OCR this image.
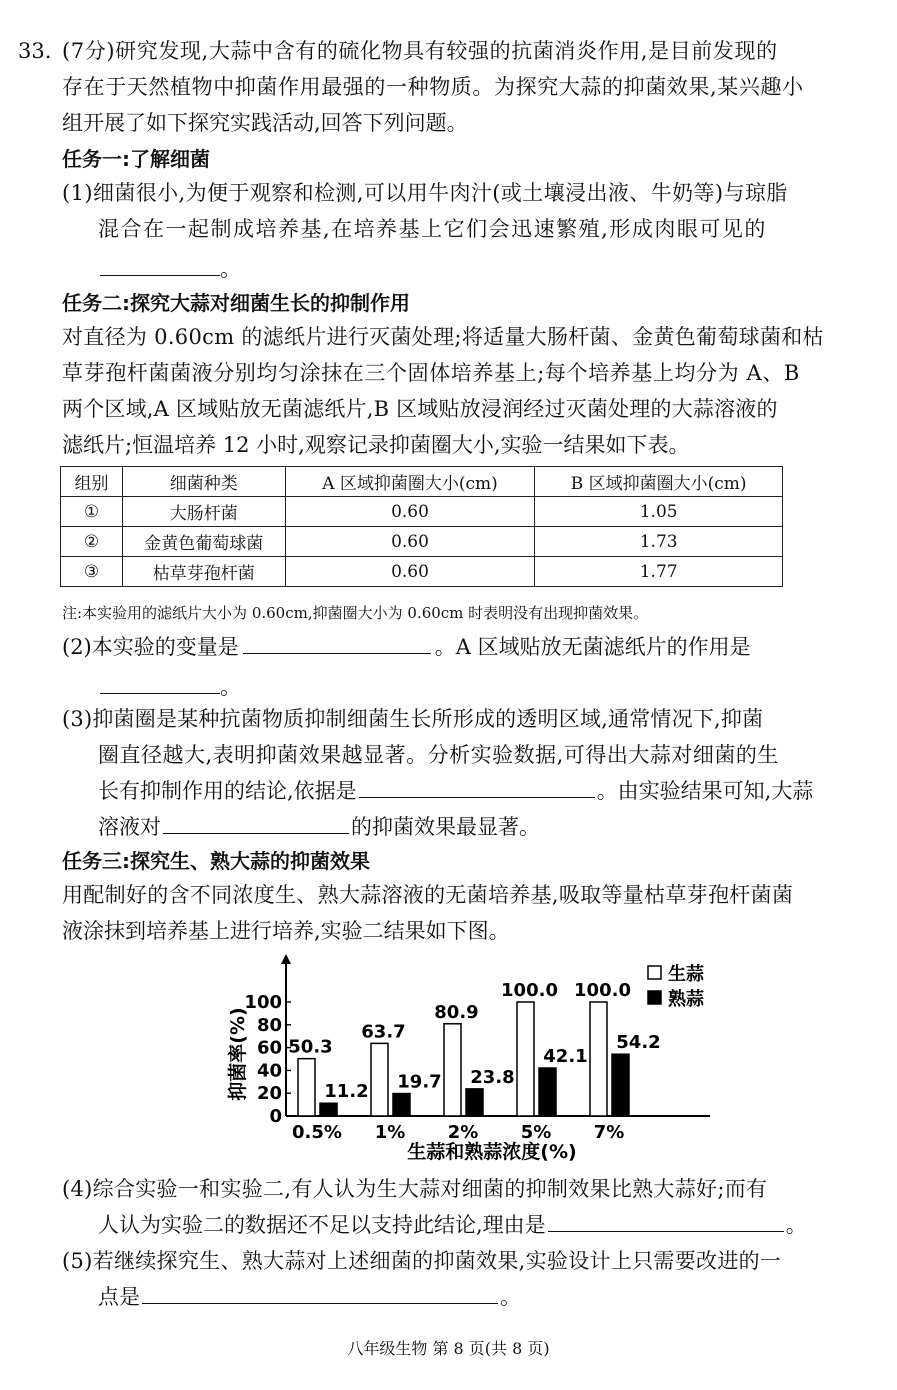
33. (7分)研究发现,大蒜中含有的硫化物具有较强的抗菌消炎作用,是目前发现的
存在于天然植物中抑菌作用最强的一种物质。为探究大蒜的抑菌效果,某兴趣小
组开展了如下探究实践活动,回答下列问题。
任务一:了解细菌
(1)细菌很小,为便于观察和检测,可以用牛肉汁(或土壤浸出液、牛奶等)与琼脂
混合在一起制成培养基,在培养基上它们会迅速繁殖,形成肉眼可见的
。
任务二:探究大蒜对细菌生长的抑制作用
对直径为 0.60cm 的滤纸片进行灭菌处理;将适量大肠杆菌、金黄色葡萄球菌和枯
草芽孢杆菌菌液分别均匀涂抹在三个固体培养基上;每个培养基上均分为 A、B
两个区域,A 区域贴放无菌滤纸片,B 区域贴放浸润经过灭菌处理的大蒜溶液的
滤纸片;恒温培养 12 小时,观察记录抑菌圈大小,实验一结果如下表。
组别	细菌种类	A 区域抑菌圈大小(cm)	B 区域抑菌圈大小(cm)
①	大肠杆菌	0.60	1.05
②	金黄色葡萄球菌	0.60	1.73
③	枯草芽孢杆菌	0.60	1.77
注:本实验用的滤纸片大小为 0.60cm,抑菌圈大小为 0.60cm 时表明没有出现抑菌效果。
(2)本实验的变量是	。A 区域贴放无菌滤纸片的作用是
。
(3)抑菌圈是某种抗菌物质抑制细菌生长所形成的透明区域,通常情况下,抑菌
圈直径越大,表明抑菌效果越显著。分析实验数据,可得出大蒜对细菌的生
长有抑制作用的结论,依据是	。由实验结果可知,大蒜
溶液对	的抑菌效果最显著。
任务三:探究生、熟大蒜的抑菌效果
用配制好的含不同浓度生、熟大蒜溶液的无菌培养基,吸取等量枯草芽孢杆菌菌
液涂抹到培养基上进行培养,实验二结果如下图。
0
20
40
60
80
100
50.3
11.2
63.7
19.7
80.9
23.8
100.0
42.1
100.0
54.2
0.5% 1% 2% 5% 7%
抑菌率(%)
生蒜和熟蒜浓度(%)
生蒜
熟蒜
(4)综合实验一和实验二,有人认为生大蒜对细菌的抑制效果比熟大蒜好;而有
人认为实验二的数据还不足以支持此结论,理由是	。
(5)若继续探究生、熟大蒜对上述细菌的抑菌效果,实验设计上只需要改进的一
点是	。
八年级生物 第 8 页(共 8 页)
